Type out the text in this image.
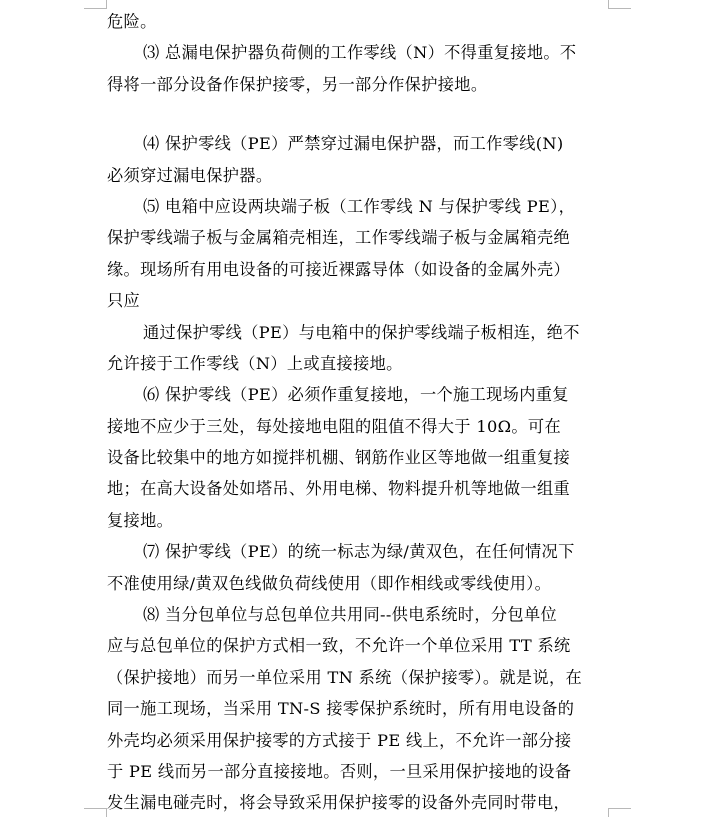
危险。
⑶ 总漏电保护器负荷侧的工作零线（N）不得重复接地。不
得将一部分设备作保护接零，另一部分作保护接地。
⑷ 保护零线（PE）严禁穿过漏电保护器，而工作零线(N)
必须穿过漏电保护器。
⑸ 电箱中应设两块端子板（工作零线 N 与保护零线 PE），
保护零线端子板与金属箱壳相连，工作零线端子板与金属箱壳绝
缘。现场所有用电设备的可接近裸露导体（如设备的金属外壳）
只应
通过保护零线（PE）与电箱中的保护零线端子板相连，绝不
允许接于工作零线（N）上或直接接地。
⑹ 保护零线（PE）必须作重复接地，一个施工现场内重复
接地不应少于三处，每处接地电阻的阻值不得大于 10Ω。可在
设备比较集中的地方如搅拌机棚、钢筋作业区等地做一组重复接
地；在高大设备处如塔吊、外用电梯、物料提升机等地做一组重
复接地。
⑺ 保护零线（PE）的统一标志为绿/黄双色，在任何情况下
不准使用绿/黄双色线做负荷线使用（即作相线或零线使用）。
⑻ 当分包单位与总包单位共用同--供电系统时，分包单位
应与总包单位的保护方式相一致，不允许一个单位采用 TT 系统
（保护接地）而另一单位采用 TN 系统（保护接零）。就是说，在
同一施工现场，当采用 TN-S 接零保护系统时，所有用电设备的
外壳均必须采用保护接零的方式接于 PE 线上，不允许一部分接
于 PE 线而另一部分直接接地。否则，一旦采用保护接地的设备
发生漏电碰壳时，将会导致采用保护接零的设备外壳同时带电，
